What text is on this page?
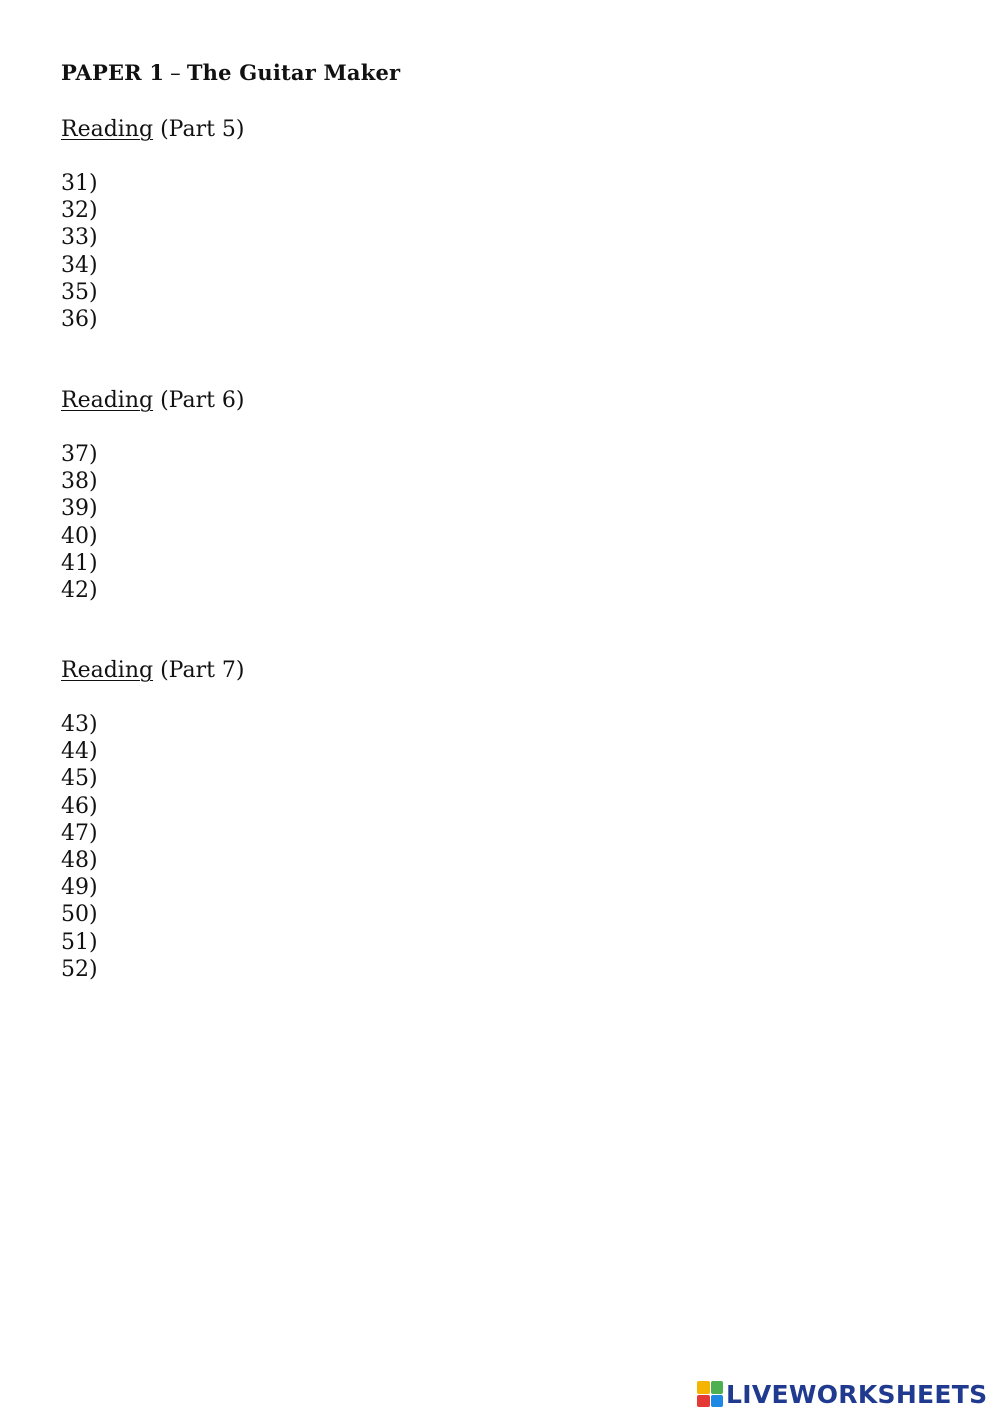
PAPER 1 – The Guitar Maker
Reading (Part 5)
31)
32)
33)
34)
35)
36)
Reading (Part 6)
37)
38)
39)
40)
41)
42)
Reading (Part 7)
43)
44)
45)
46)
47)
48)
49)
50)
51)
52)
LIVEWORKSHEETS
